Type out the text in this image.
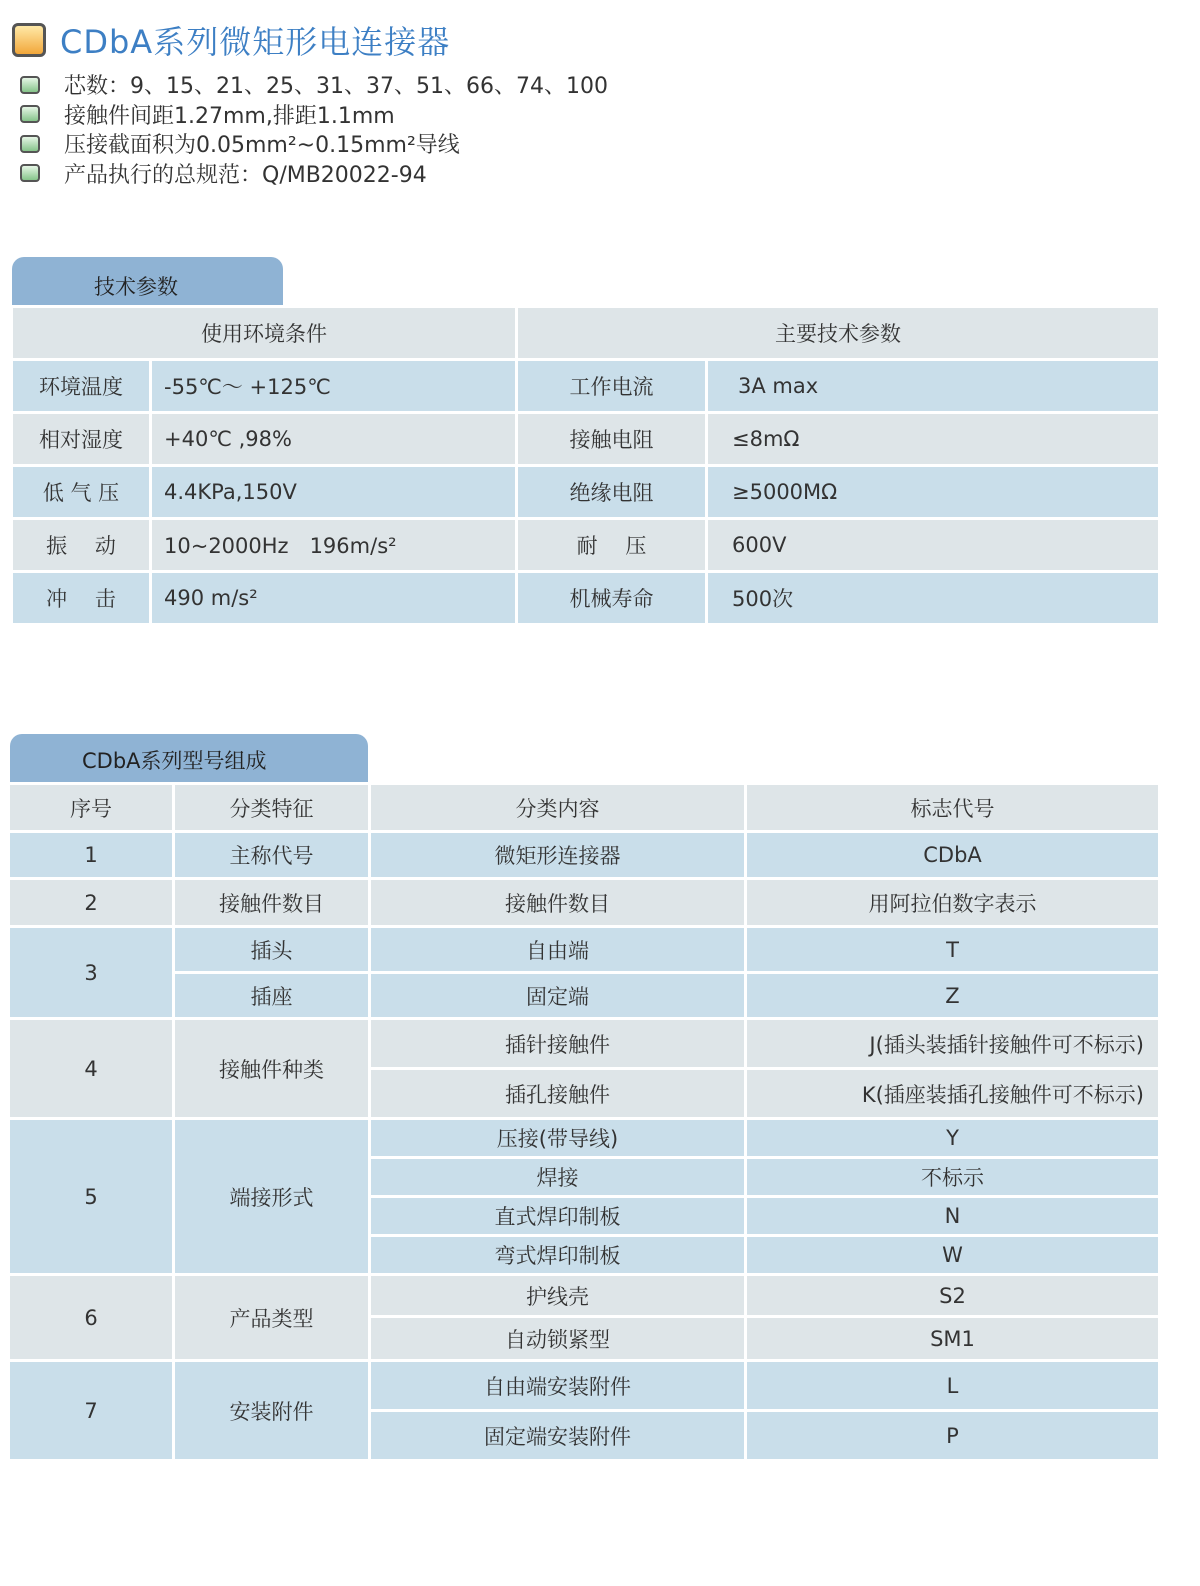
CDbA系列微矩形电连接器
芯数：9、15、21、25、31、37、51、66、74、100
接触件间距1.27mm,排距1.1mm
压接截面积为0.05mm²~0.15mm²导线
产品执行的总规范：Q/MB20022-94
技术参数
使用环境条件		主要技术参数	
环境温度	-55℃～ +125℃	工作电流	3A max
相对湿度	+40℃ ,98%	接触电阻	≤8mΩ
低 气 压	4.4KPa,150V	绝缘电阻	≥5000MΩ
振　 动	10~2000Hz　196m/s²	耐　 压	600V
冲　 击	490 m/s²	机械寿命	500次
CDbA系列型号组成
序号	分类特征	分类内容	标志代号
1	主称代号	微矩形连接器	CDbA
2	接触件数目	接触件数目	用阿拉伯数字表示
3	插头	自由端	T
	插座	固定端	Z
4	接触件种类	插针接触件	J(插头装插针接触件可不标示)
		插孔接触件	K(插座装插孔接触件可不标示)
5	端接形式	压接(带导线)	Y
		焊接	不标示
		直式焊印制板	N
		弯式焊印制板	W
6	产品类型	护线壳	S2
		自动锁紧型	SM1
7	安装附件	自由端安装附件	L
		固定端安装附件	P
